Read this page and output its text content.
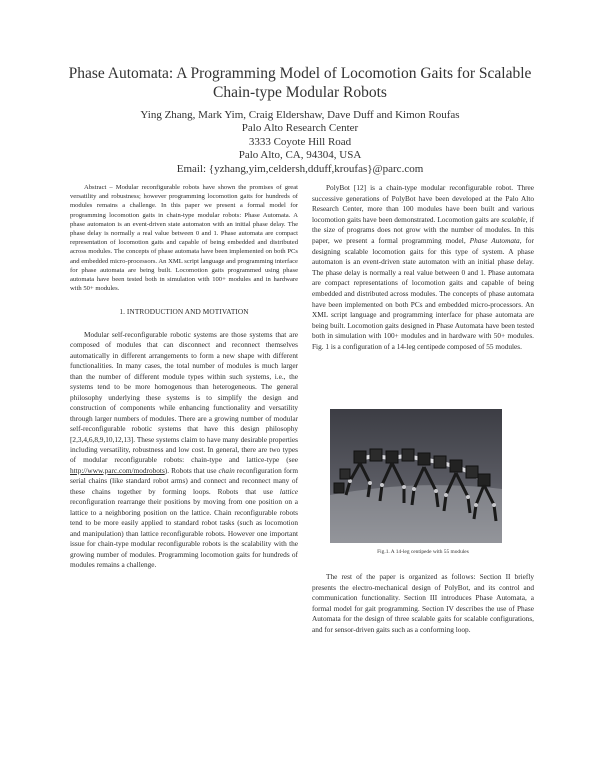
Phase Automata: A Programming Model of Locomotion Gaits for Scalable
Chain-type Modular Robots
Ying Zhang, Mark Yim, Craig Eldershaw, Dave Duff and Kimon Roufas
Palo Alto Research Center
3333 Coyote Hill Road
Palo Alto, CA, 94304, USA
Email: {yzhang,yim,celdersh,dduff,kroufas}@parc.com

Abstract – Modular reconfigurable robots have shown the promises of great versatility and robustness; however programming locomotion gaits for hundreds of modules remains a challenge. In this paper we present a formal model for programming locomotion gaits in chain-type modular robots: Phase Automata. A phase automaton is an event-driven state automaton with an initial phase delay. The phase delay is normally a real value between 0 and 1. Phase automata are compact representation of locomotion gaits and capable of being embedded and distributed across modules. The concepts of phase automata have been implemented on both PCs and embedded micro-processors. An XML script language and programming interface for phase automata are being built. Locomotion gaits programmed using phase automata have been tested both in simulation with 100+ modules and in hardware with 50+ modules.

1. INTRODUCTION AND MOTIVATION

Modular self-reconfigurable robotic systems are those systems that are composed of modules that can disconnect and reconnect themselves automatically in different arrangements to form a new shape with different functionalities. In many cases, the total number of modules is much larger than the number of different module types within such systems, i.e., the systems tend to be more homogenous than heterogeneous. The general philosophy underlying these systems is to simplify the design and construction of components while enhancing functionality and versatility through larger numbers of modules. There are a growing number of modular self-reconfigurable robotic systems that have this design philosophy [2,3,4,6,8,9,10,12,13]. These systems claim to have many desirable properties including versatility, robustness and low cost. In general, there are two types of modular reconfigurable robots: chain-type and lattice-type (see http://www.parc.com/modrobots). Robots that use chain reconfiguration form serial chains (like standard robot arms) and connect and reconnect many of these chains together by forming loops. Robots that use lattice reconfiguration rearrange their positions by moving from one position on a lattice to a neighboring position on the lattice. Chain reconfigurable robots tend to be more easily applied to standard robot tasks (such as locomotion and manipulation) than lattice reconfigurable robots. However one important issue for chain-type modular reconfigurable robots is the scalability with the growing number of modules. Programming locomotion gaits for hundreds of modules remains a challenge.

PolyBot [12] is a chain-type modular reconfigurable robot. Three successive generations of PolyBot have been developed at the Palo Alto Research Center, more than 100 modules have been built and various locomotion gaits have been demonstrated. Locomotion gaits are scalable, if the size of programs does not grow with the number of modules. In this paper, we present a formal programming model, Phase Automata, for designing scalable locomotion gaits for this type of system. A phase automaton is an event-driven state automaton with an initial phase delay. The phase delay is normally a real value between 0 and 1. Phase automata are compact representations of locomotion gaits and capable of being embedded and distributed across modules. The concepts of phase automata have been implemented on both PCs and embedded micro-processors. An XML script language and programming interface for phase automata are being built. Locomotion gaits designed in Phase Automata have been tested both in simulation with 100+ modules and in hardware with 50+ modules. Fig. 1 is a configuration of a 14-leg centipede composed of 55 modules.

Fig.1. A 14-leg centipede with 55 modules

The rest of the paper is organized as follows: Section II briefly presents the electro-mechanical design of PolyBot, and its control and communication functionality. Section III introduces Phase Automata, a formal model for gait programming. Section IV describes the use of Phase Automata for the design of three scalable gaits for scalable configurations, and for sensor-driven gaits such as a conforming loop.
